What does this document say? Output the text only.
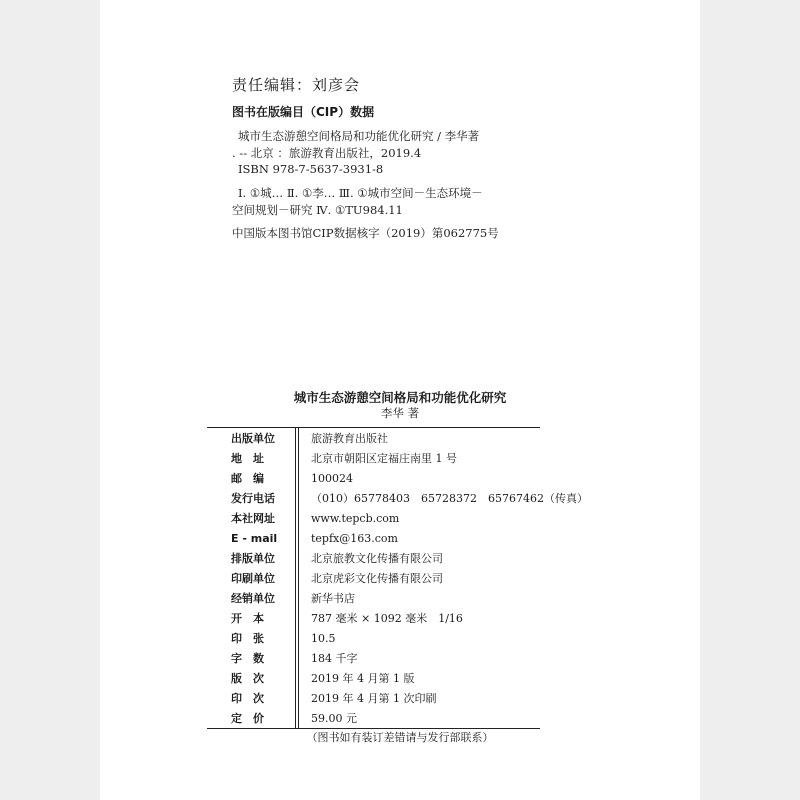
责任编辑：刘彦会
图书在版编目（CIP）数据
城市生态游憩空间格局和功能优化研究 / 李华著
. -- 北京 ：旅游教育出版社，2019.4
ISBN 978-7-5637-3931-8
Ⅰ. ①城… Ⅱ. ①李… Ⅲ. ①城市空间－生态环境－
空间规划－研究 Ⅳ. ①TU984.11
中国版本图书馆CIP数据核字（2019）第062775号
城市生态游憩空间格局和功能优化研究
李华 著
出版单位	旅游教育出版社
地　址	北京市朝阳区定福庄南里 1 号
邮　编	100024
发行电话	（010）65778403　65728372　65767462（传真）
本社网址	www.tepcb.com
E - mail	tepfx@163.com
排版单位	北京旅教文化传播有限公司
印刷单位	北京虎彩文化传播有限公司
经销单位	新华书店
开　本	787 毫米 × 1092 毫米　1/16
印　张	10.5
字　数	184 千字
版　次	2019 年 4 月第 1 版
印　次	2019 年 4 月第 1 次印刷
定　价	59.00 元
（图书如有装订差错请与发行部联系）
